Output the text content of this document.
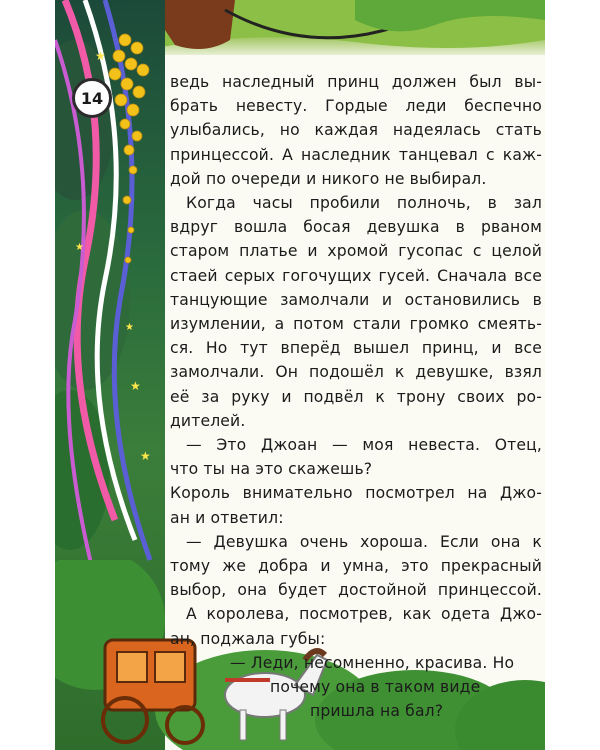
★
★
★
★
★
14
ведь наследный принц должен был вы-
брать невесту. Гордые леди беспечно
улыбались, но каждая надеялась стать
принцессой. А наследник танцевал с каж-
дой по очереди и никого не выбирал.
Когда часы пробили полночь, в зал
вдруг вошла босая девушка в рваном
старом платье и хромой гусопас с целой
стаей серых гогочущих гусей. Сначала все
танцующие замолчали и остановились в
изумлении, а потом стали громко смеять-
ся. Но тут вперёд вышел принц, и все
замолчали. Он подошёл к девушке, взял
её за руку и подвёл к трону своих ро-
дителей.
— Это Джоан — моя невеста. Отец,
что ты на это скажешь?
Король внимательно посмотрел на Джо-
ан и ответил:
— Девушка очень хороша. Если она к
тому же добра и умна, это прекрасный
выбор, она будет достойной принцессой.
А королева, посмотрев, как одета Джо-
ан, поджала губы:
— Леди, несомненно, красива. Но
почему она в таком виде
пришла на бал?
